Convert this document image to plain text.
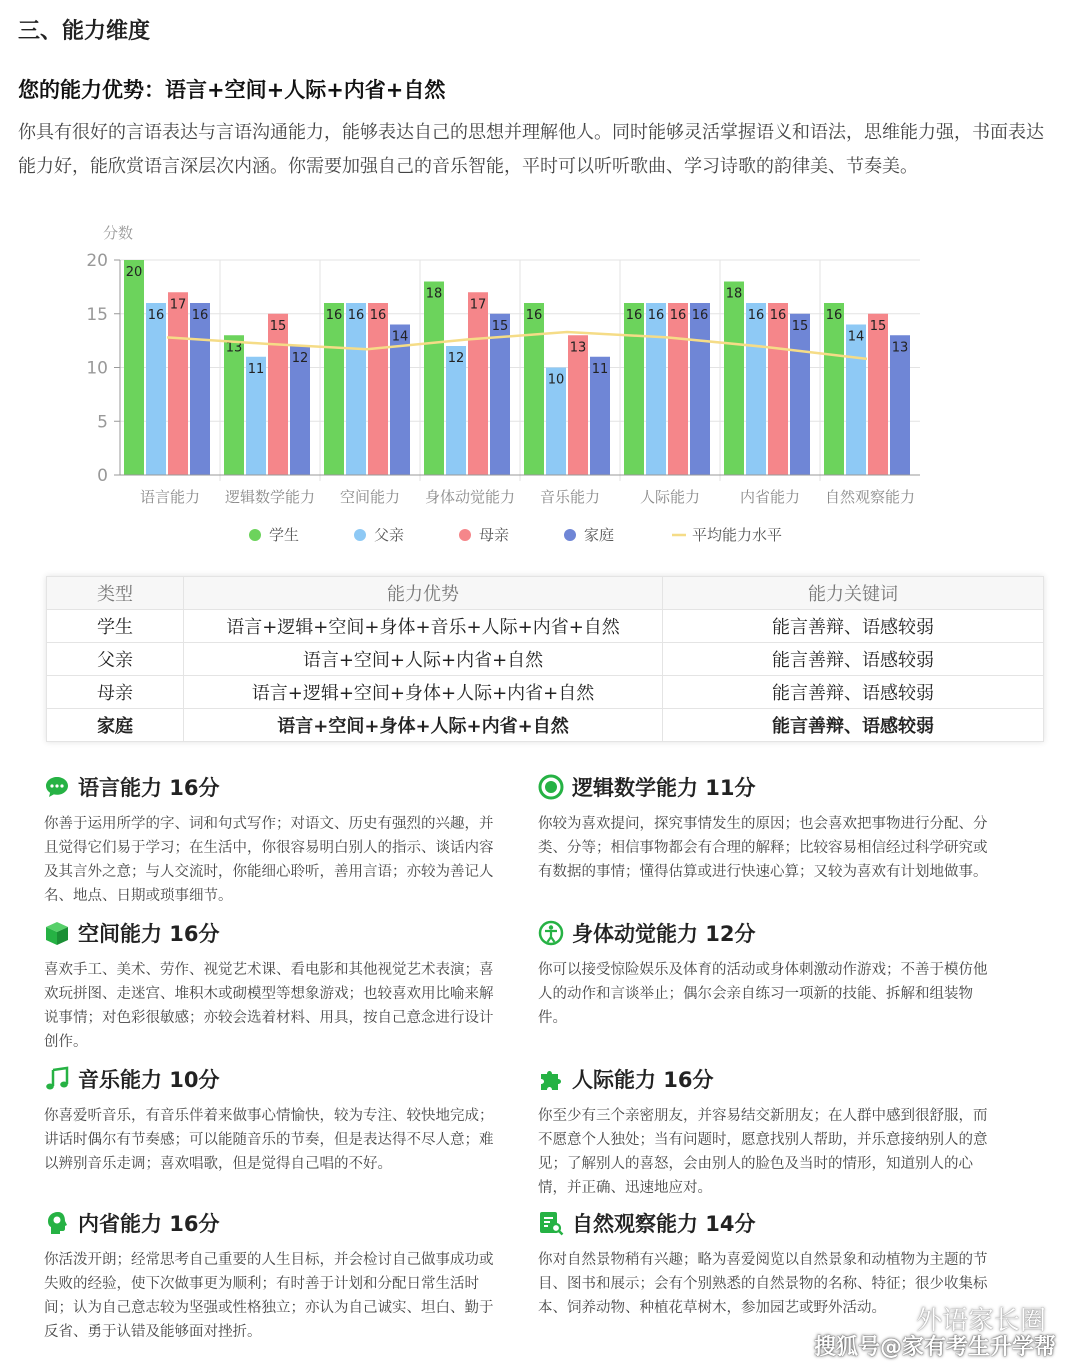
三、能力维度
您的能力优势：语言+空间+人际+内省+自然
你具有很好的言语表达与言语沟通能力，能够表达自己的思想并理解他人。同时能够灵活掌握语义和语法，思维能力强，书面表达能力好，能欣赏语言深层次内涵。你需要加强自己的音乐智能，平时可以听听歌曲、学习诗歌的韵律美、节奏美。
20
16
17
16
13
11
15
12
16 16 16
14
18
12
17
15
16
10
13
11
16 16 16 16
18
16 16
15
16
14
15
13
分数
0
5
10
15
20
语言能力 逻辑数学能力 空间能力 身体动觉能力 音乐能力	人际能力	内省能力 自然观察能力
学生	父亲	母亲	家庭	平均能力水平
类型	能力优势	能力关键词
学生	语言+逻辑+空间+身体+音乐+人际+内省+自然	能言善辩、语感较弱
父亲	语言+空间+人际+内省+自然	能言善辩、语感较弱
母亲	语言+逻辑+空间+身体+人际+内省+自然	能言善辩、语感较弱
家庭	语言+空间+身体+人际+内省+自然	能言善辩、语感较弱
语言能力 16分
你善于运用所学的字、词和句式写作；对语文、历史有强烈的兴趣，并且觉得它们易于学习；在生活中，你很容易明白别人的指示、谈话内容及其言外之意；与人交流时，你能细心聆听，善用言语；亦较为善记人名、地点、日期或琐事细节。
逻辑数学能力 11分
你较为喜欢提问，探究事情发生的原因；也会喜欢把事物进行分配、分类、分等；相信事物都会有合理的解释；比较容易相信经过科学研究或有数据的事情；懂得估算或进行快速心算；又较为喜欢有计划地做事。
空间能力 16分
喜欢手工、美术、劳作、视觉艺术课、看电影和其他视觉艺术表演；喜欢玩拼图、走迷宫、堆积木或砌模型等想象游戏；也较喜欢用比喻来解说事情；对色彩很敏感；亦较会选着材料、用具，按自己意念进行设计创作。
身体动觉能力 12分
你可以接受惊险娱乐及体育的活动或身体刺激动作游戏；不善于模仿他人的动作和言谈举止；偶尔会亲自练习一项新的技能、拆解和组装物件。
音乐能力 10分
你喜爱听音乐，有音乐伴着来做事心情愉快，较为专注、较快地完成；讲话时偶尔有节奏感；可以能随音乐的节奏，但是表达得不尽人意；难以辨别音乐走调；喜欢唱歌，但是觉得自己唱的不好。
人际能力 16分
你至少有三个亲密朋友，并容易结交新朋友；在人群中感到很舒服，而不愿意个人独处；当有问题时，愿意找别人帮助，并乐意接纳别人的意见；了解别人的喜怒，会由别人的脸色及当时的情形，知道别人的心情，并正确、迅速地应对。
内省能力 16分
你活泼开朗；经常思考自己重要的人生目标，并会检讨自己做事成功或失败的经验，使下次做事更为顺利；有时善于计划和分配日常生活时间；认为自己意志较为坚强或性格独立；亦认为自己诚实、坦白、勤于反省、勇于认错及能够面对挫折。
自然观察能力 14分
你对自然景物稍有兴趣；略为喜爱阅览以自然景象和动植物为主题的节目、图书和展示；会有个别熟悉的自然景物的名称、特征；很少收集标本、饲养动物、种植花草树木，参加园艺或野外活动。	外语家长圈
搜狐号@家有考生升学帮
